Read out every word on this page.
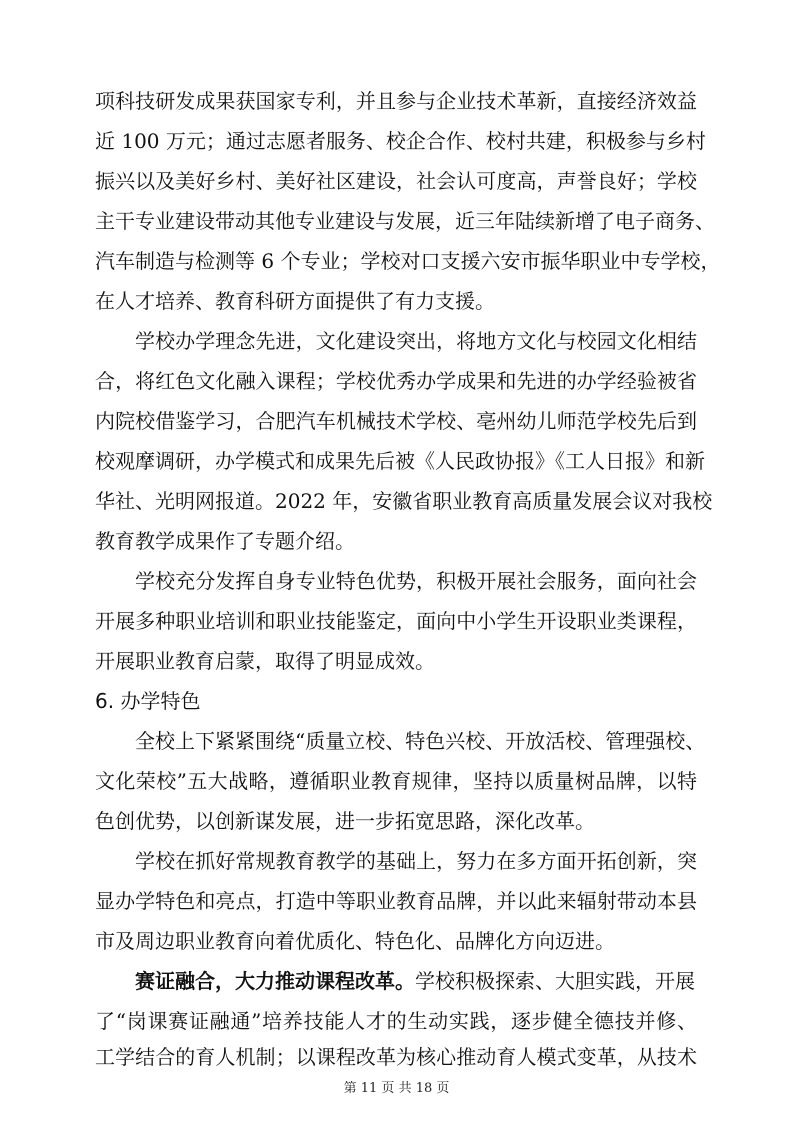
项科技研发成果获国家专利，并且参与企业技术革新，直接经济效益
近 100 万元；通过志愿者服务、校企合作、校村共建，积极参与乡村
振兴以及美好乡村、美好社区建设，社会认可度高，声誉良好；学校
主干专业建设带动其他专业建设与发展，近三年陆续新增了电子商务、
汽车制造与检测等 6 个专业；学校对口支援六安市振华职业中专学校，
在人才培养、教育科研方面提供了有力支援。
学校办学理念先进，文化建设突出，将地方文化与校园文化相结
合，将红色文化融入课程；学校优秀办学成果和先进的办学经验被省
内院校借鉴学习，合肥汽车机械技术学校、亳州幼儿师范学校先后到
校观摩调研，办学模式和成果先后被《人民政协报》《工人日报》和新
华社、光明网报道。2022 年，安徽省职业教育高质量发展会议对我校
教育教学成果作了专题介绍。
学校充分发挥自身专业特色优势，积极开展社会服务，面向社会
开展多种职业培训和职业技能鉴定，面向中小学生开设职业类课程，
开展职业教育启蒙，取得了明显成效。
6. 办学特色
全校上下紧紧围绕“质量立校、特色兴校、开放活校、管理强校、
文化荣校”五大战略，遵循职业教育规律，坚持以质量树品牌，以特
色创优势，以创新谋发展，进一步拓宽思路，深化改革。
学校在抓好常规教育教学的基础上，努力在多方面开拓创新，突
显办学特色和亮点，打造中等职业教育品牌，并以此来辐射带动本县
市及周边职业教育向着优质化、特色化、品牌化方向迈进。
赛证融合，大力推动课程改革。学校积极探索、大胆实践，开展
了“岗课赛证融通”培养技能人才的生动实践，逐步健全德技并修、
工学结合的育人机制；以课程改革为核心推动育人模式变革，从技术
第 11 页 共 18 页
